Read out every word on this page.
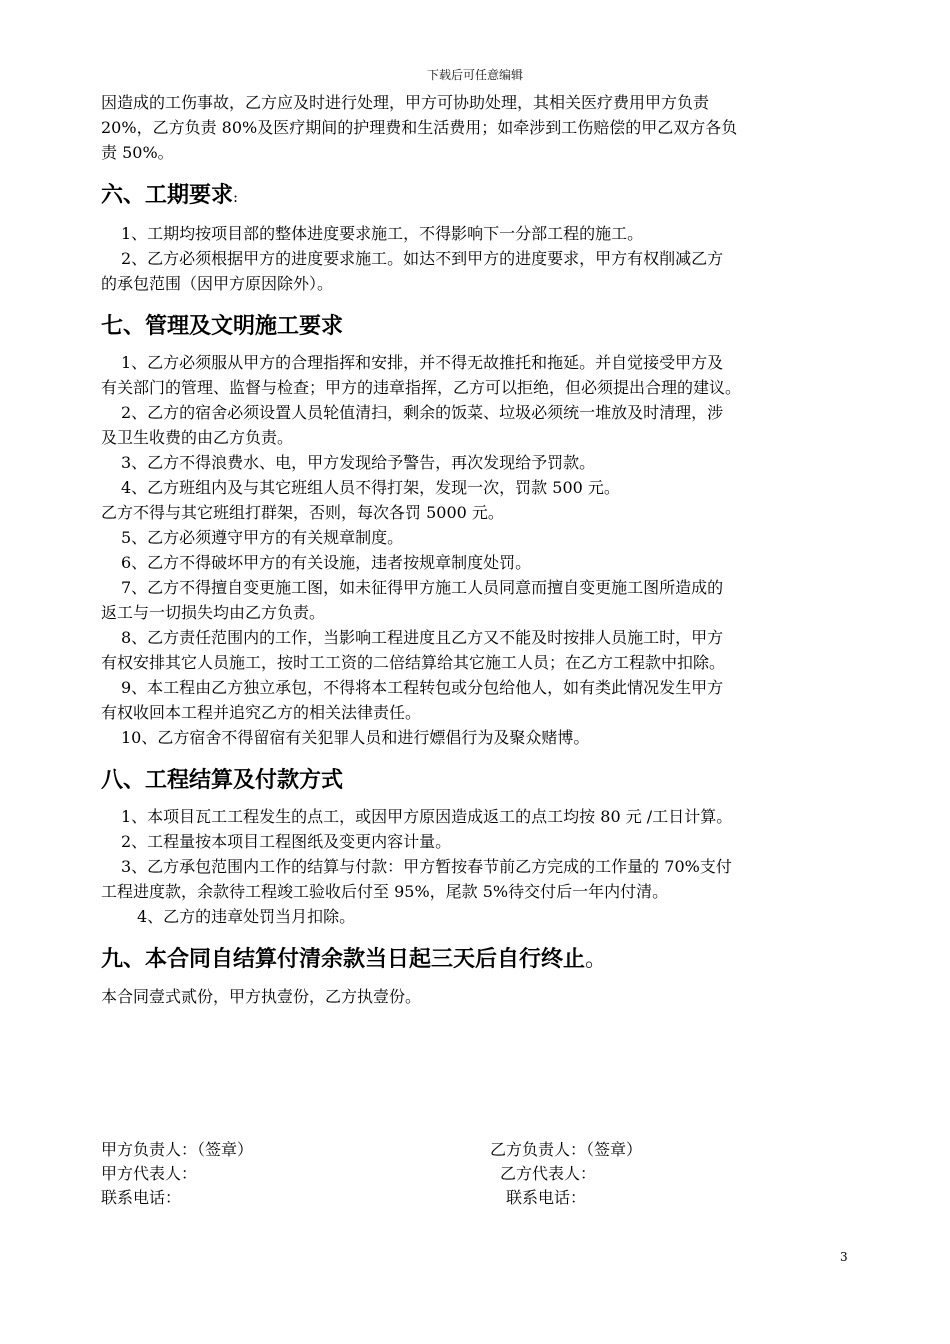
下载后可任意编辑

因造成的工伤事故，乙方应及时进行处理，甲方可协助处理，其相关医疗费用甲方负责

20%，乙方负责 80%及医疗期间的护理费和生活费用；如牵涉到工伤赔偿的甲乙双方各负

责 50%。

六、工期要求:

1、工期均按项目部的整体进度要求施工，不得影响下一分部工程的施工。

2、乙方必须根据甲方的进度要求施工。如达不到甲方的进度要求，甲方有权削减乙方

的承包范围（因甲方原因除外）。

七、管理及文明施工要求

1、乙方必须服从甲方的合理指挥和安排，并不得无故推托和拖延。并自觉接受甲方及

有关部门的管理、监督与检查；甲方的违章指挥，乙方可以拒绝，但必须提出合理的建议。

2、乙方的宿舍必须设置人员轮值清扫，剩余的饭菜、垃圾必须统一堆放及时清理，涉

及卫生收费的由乙方负责。

3、乙方不得浪费水、电，甲方发现给予警告，再次发现给予罚款。

4、乙方班组内及与其它班组人员不得打架，发现一次，罚款 500 元。

乙方不得与其它班组打群架，否则，每次各罚 5000 元。

5、乙方必须遵守甲方的有关规章制度。

6、乙方不得破坏甲方的有关设施，违者按规章制度处罚。

7、乙方不得擅自变更施工图，如未征得甲方施工人员同意而擅自变更施工图所造成的

返工与一切损失均由乙方负责。

8、乙方责任范围内的工作，当影响工程进度且乙方又不能及时按排人员施工时，甲方

有权安排其它人员施工，按时工工资的二倍结算给其它施工人员；在乙方工程款中扣除。

9、本工程由乙方独立承包，不得将本工程转包或分包给他人，如有类此情况发生甲方

有权收回本工程并追究乙方的相关法律责任。

10、乙方宿舍不得留宿有关犯罪人员和进行嫖倡行为及聚众赌博。

八、工程结算及付款方式

1、本项目瓦工工程发生的点工，或因甲方原因造成返工的点工均按 80 元 /工日计算。

2、工程量按本项目工程图纸及变更内容计量。

3、乙方承包范围内工作的结算与付款：甲方暂按春节前乙方完成的工作量的 70%支付

工程进度款，余款待工程竣工验收后付至 95%，尾款 5%待交付后一年内付清。

4、乙方的违章处罚当月扣除。

九、本合同自结算付清余款当日起三天后自行终止。

本合同壹式贰份，甲方执壹份，乙方执壹份。

甲方负责人：（签章）
甲方代表人：
联系电话：
乙方负责人：（签章）
乙方代表人：
联系电话：
3
